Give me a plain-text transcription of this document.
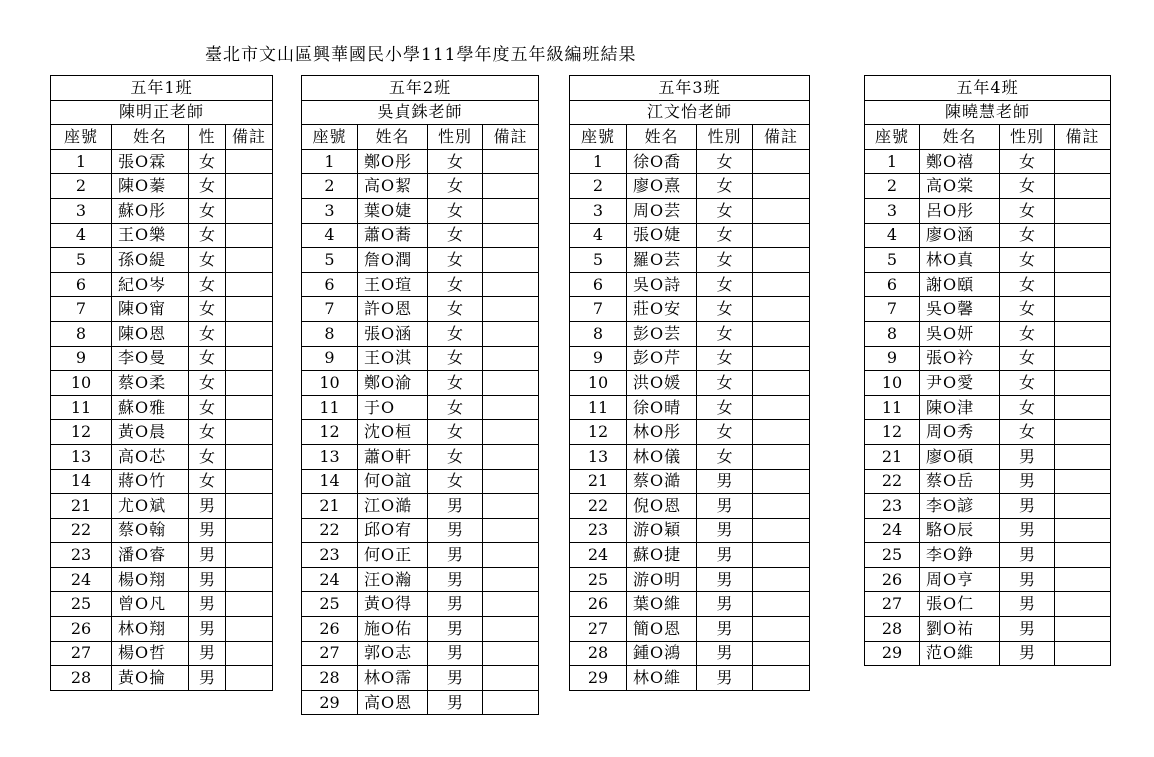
臺北市文山區興華國民小學111學年度五年級編班結果
五年1班			
陳明正老師			
座號	姓名	性	備註
1	張O霖	女	
2	陳O蓁	女	
3	蘇O彤	女	
4	王O樂	女	
5	孫O緹	女	
6	紀O岑	女	
7	陳O甯	女	
8	陳O恩	女	
9	李O曼	女	
10	蔡O柔	女	
11	蘇O雅	女	
12	黃O晨	女	
13	高O芯	女	
14	蔣O竹	女	
21	尤O斌	男	
22	蔡O翰	男	
23	潘O睿	男	
24	楊O翔	男	
25	曾O凡	男	
26	林O翔	男	
27	楊O哲	男	
28	黃O掄	男	
五年2班			
吳貞銖老師			
座號	姓名	性別	備註
1	鄭O彤	女	
2	高O絜	女	
3	葉O婕	女	
4	蕭O蕎	女	
5	詹O潤	女	
6	王O瑄	女	
7	許O恩	女	
8	張O涵	女	
9	王O淇	女	
10	鄭O渝	女	
11	于O	女	
12	沈O桓	女	
13	蕭O軒	女	
14	何O誼	女	
21	江O澔	男	
22	邱O宥	男	
23	何O正	男	
24	汪O瀚	男	
25	黃O得	男	
26	施O佑	男	
27	郭O志	男	
28	林O霈	男	
29	高O恩	男	
五年3班			
江文怡老師			
座號	姓名	性別	備註
1	徐O喬	女	
2	廖O熹	女	
3	周O芸	女	
4	張O婕	女	
5	羅O芸	女	
6	吳O詩	女	
7	莊O安	女	
8	彭O芸	女	
9	彭O芹	女	
10	洪O媛	女	
11	徐O晴	女	
12	林O彤	女	
13	林O儀	女	
21	蔡O澔	男	
22	倪O恩	男	
23	游O穎	男	
24	蘇O捷	男	
25	游O明	男	
26	葉O維	男	
27	簡O恩	男	
28	鍾O鴻	男	
29	林O維	男	
五年4班			
陳曉慧老師			
座號	姓名	性別	備註
1	鄭O禧	女	
2	高O棠	女	
3	呂O彤	女	
4	廖O涵	女	
5	林O真	女	
6	謝O頤	女	
7	吳O馨	女	
8	吳O妍	女	
9	張O衿	女	
10	尹O愛	女	
11	陳O津	女	
12	周O秀	女	
21	廖O碩	男	
22	蔡O岳	男	
23	李O諺	男	
24	駱O辰	男	
25	李O錚	男	
26	周O亨	男	
27	張O仁	男	
28	劉O祐	男	
29	范O維	男	
